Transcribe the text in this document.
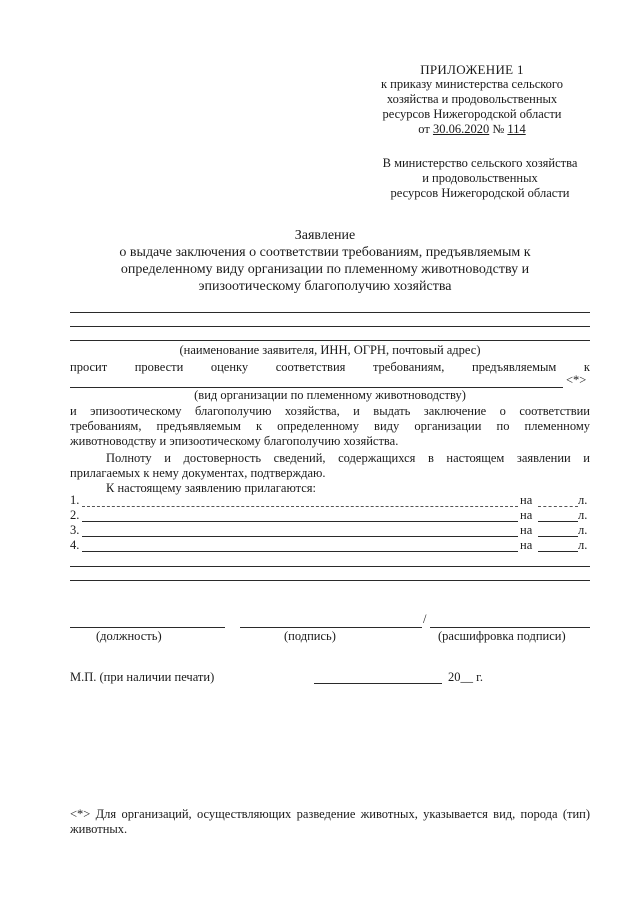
ПРИЛОЖЕНИЕ 1
к приказу министерства сельского
хозяйства и продовольственных
ресурсов Нижегородской области
от 30.06.2020 № 114
В министерство сельского хозяйства
и продовольственных
ресурсов Нижегородской области
Заявление
о выдаче заключения о соответствии требованиям, предъявляемым к
определенному виду организации по племенному животноводству и
эпизоотическому благополучию хозяйства
(наименование заявителя, ИНН, ОГРН, почтовый адрес)
просит провести оценку соответствия требованиям, предъявляемым к
<*>
(вид организации по племенному животноводству)
и эпизоотическому благополучию хозяйства, и выдать заключение о соответствии
требованиям, предъявляемым к определенному виду организации по племенному
животноводству и эпизоотическому благополучию хозяйства.
Полноту и достоверность сведений, содержащихся в настоящем заявлении и
прилагаемых к нему документах, подтверждаю.
К настоящему заявлению прилагаются:
1.	на	л.
2.	на	л.
3.	на	л.
4.	на	л.
/
(должность)	(подпись)	(расшифровка подписи)
М.П. (при наличии печати)	20__ г.
<*> Для организаций, осуществляющих разведение животных, указывается вид, порода (тип)
животных.
